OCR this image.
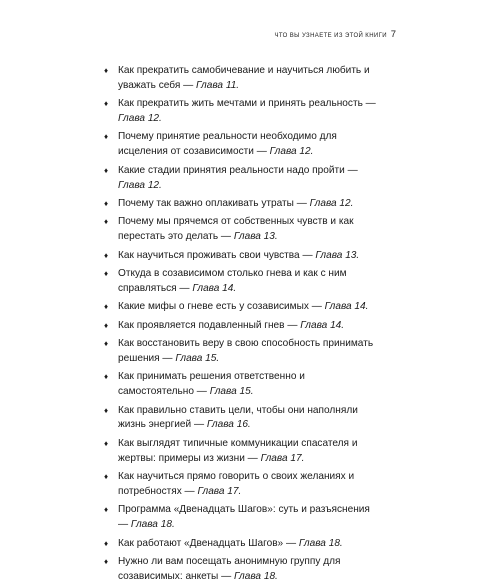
что вы узнаете из этой книги 7
♦ Как прекратить самобичевание и научиться любить и уважать себя — Глава 11.
♦ Как прекратить жить мечтами и принять реальность — Глава 12.
♦ Почему принятие реальности необходимо для исцеления от созависимости — Глава 12.
♦ Какие стадии принятия реальности надо пройти — Глава 12.
♦ Почему так важно оплакивать утраты — Глава 12.
♦ Почему мы прячемся от собственных чувств и как перестать это делать — Глава 13.
♦ Как научиться проживать свои чувства — Глава 13.
♦ Откуда в созависимом столько гнева и как с ним справляться — Глава 14.
♦ Какие мифы о гневе есть у созависимых — Глава 14.
♦ Как проявляется подавленный гнев — Глава 14.
♦ Как восстановить веру в свою способность принимать решения — Глава 15.
♦ Как принимать решения ответственно и самостоятельно — Глава 15.
♦ Как правильно ставить цели, чтобы они наполняли жизнь энергией — Глава 16.
♦ Как выглядят типичные коммуникации спасателя и жертвы: примеры из жизни — Глава 17.
♦ Как научиться прямо говорить о своих желаниях и потребностях — Глава 17.
♦ Программа «Двенадцать Шагов»: суть и разъяснения — Глава 18.
♦ Как работают «Двенадцать Шагов» — Глава 18.
♦ Нужно ли вам посещать анонимную группу для созависимых: анкеты — Глава 18.
